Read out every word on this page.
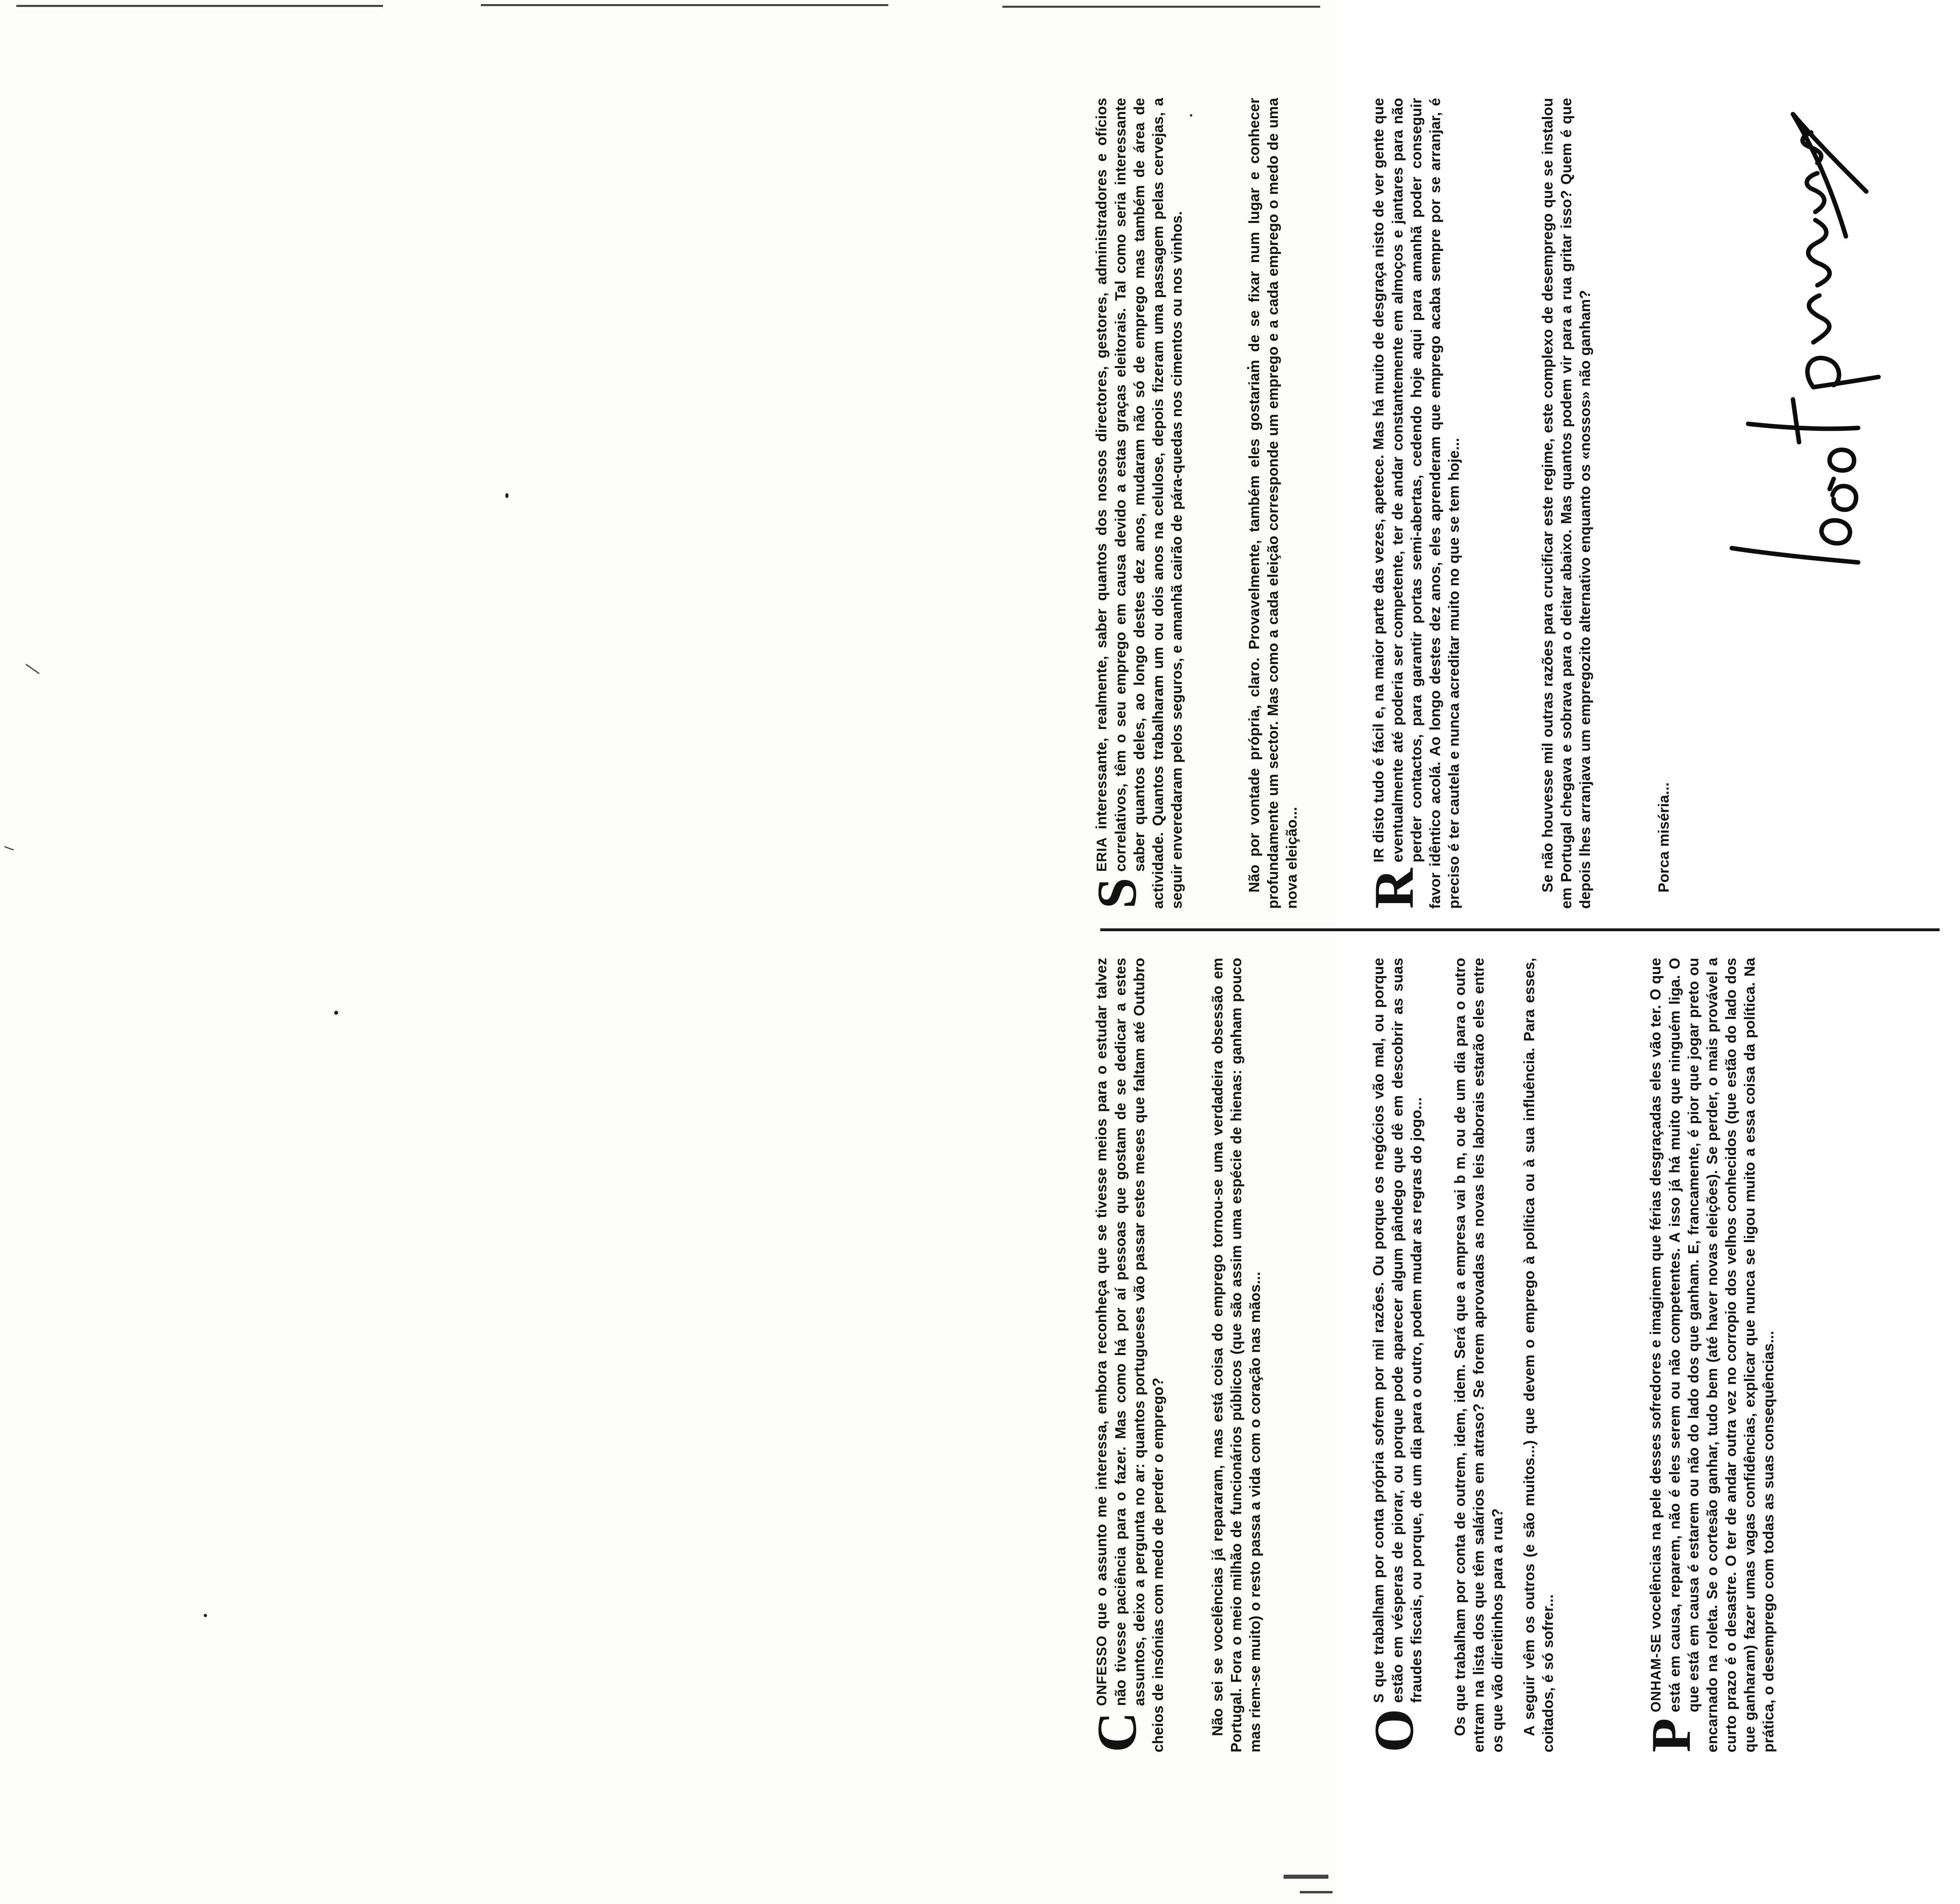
C
ONFESSO que o assunto me interessa, embora reconheça que se tivesse meios para o estudar talvez não tivesse paciência para o fazer. Mas como há por aí pessoas que gostam de se dedicar a estes assuntos, deixo a pergunta no ar: quantos portugueses vão passar estes meses que faltam até Outubro cheios de insónias com medo de perder o emprego?	Não sei se vocelências já repararam, mas está coisa do emprego tornou-se uma verdadeira obsessão em Portugal. Fora o meio milhão de funcionários públicos (que são assim uma espécie de hienas: ganham pouco mas riem-se muito) o resto passa a vida com o coração nas mãos... O
S que trabalham por conta própria sofrem por mil razões. Ou porque os negócios vão mal, ou porque estão em vésperas de piorar, ou porque pode aparecer algum pândego que dê em descobrir as suas fraudes fiscais, ou porque, de um dia para o outro, podem mudar as regras do jogo... Os que trabalham por conta de outrem, idem, idem. Será que a empresa vai b m, ou de um dia para o outro entram na lista dos que têm salários em atraso? Se forem aprovadas as novas leis laborais estarão eles entre os que vão direitinhos para a rua? A seguir vêm os outros (e são muitos...) que devem o emprego à política ou à sua influência. Para esses, coitados, é só sofrer... P
ONHAM-SE vocelências na pele desses sofredores e imaginem que férias desgraçadas eles vão ter. O que está em causa, reparem, não é eles serem ou não competentes. A isso já há muito que ninguém liga. O que está em causa é estarem ou não do lado dos que ganham. E, francamente, é pior que jogar preto ou encarnado na roleta. Se o cortesão ganhar, tudo bem (até haver novas eleições). Se perder, o mais provável a curto prazo é o desastre. O ter de andar outra vez no corropio dos velhos conhecidos (que estão do lado dos que ganharam) fazer umas vagas confidências, explicar que nunca se ligou muito a essa coisa da política. Na prática, o desemprego com todas as suas consequências...

S
ERIA interessante, realmente, saber quantos dos nossos directores, gestores, administradores e ofícios correlativos, têm o seu emprego em causa devido a estas graças eleitorais. Tal como seria interessante saber quantos deles, ao longo destes dez anos, mudaram não só de emprego mas também de área de actividade. Quantos trabalharam um ou dois anos na celulose, depois fizeram uma passagem pelas cervejas, a seguir enveredaram pelos seguros, e amanhã cairão de pára-quedas nos cimentos ou nos vinhos.	Não por vontade própria, claro. Provavelmente, também eles gostariam de se fixar num lugar e conhecer profundamente um sector. Mas como a cada eleição corresponde um emprego e a cada emprego o medo de uma nova eleição... R
IR disto tudo é fácil e, na maior parte das vezes, apetece. Mas há muito de desgraça nisto de ver gente que eventualmente até poderia ser competente, ter de andar constantemente em almoços e jantares para não perder contactos, para garantir portas semi-abertas, cedendo hoje aqui para amanhã poder conseguir favor idêntico acolá. Ao longo destes dez anos, eles aprenderam que emprego acaba sempre por se arranjar, é preciso é ter cautela e nunca acreditar muito no que se tem hoje...	Se não houvesse mil outras razões para crucificar este regime, este complexo de desemprego que se instalou em Portugal chegava e sobrava para o deitar abaixo. Mas quantos podem vir para a rua gritar isso? Quem é que depois lhes arranjava um empregozito alternativo enquanto os «nossos» não ganham?	Porca miséria...
